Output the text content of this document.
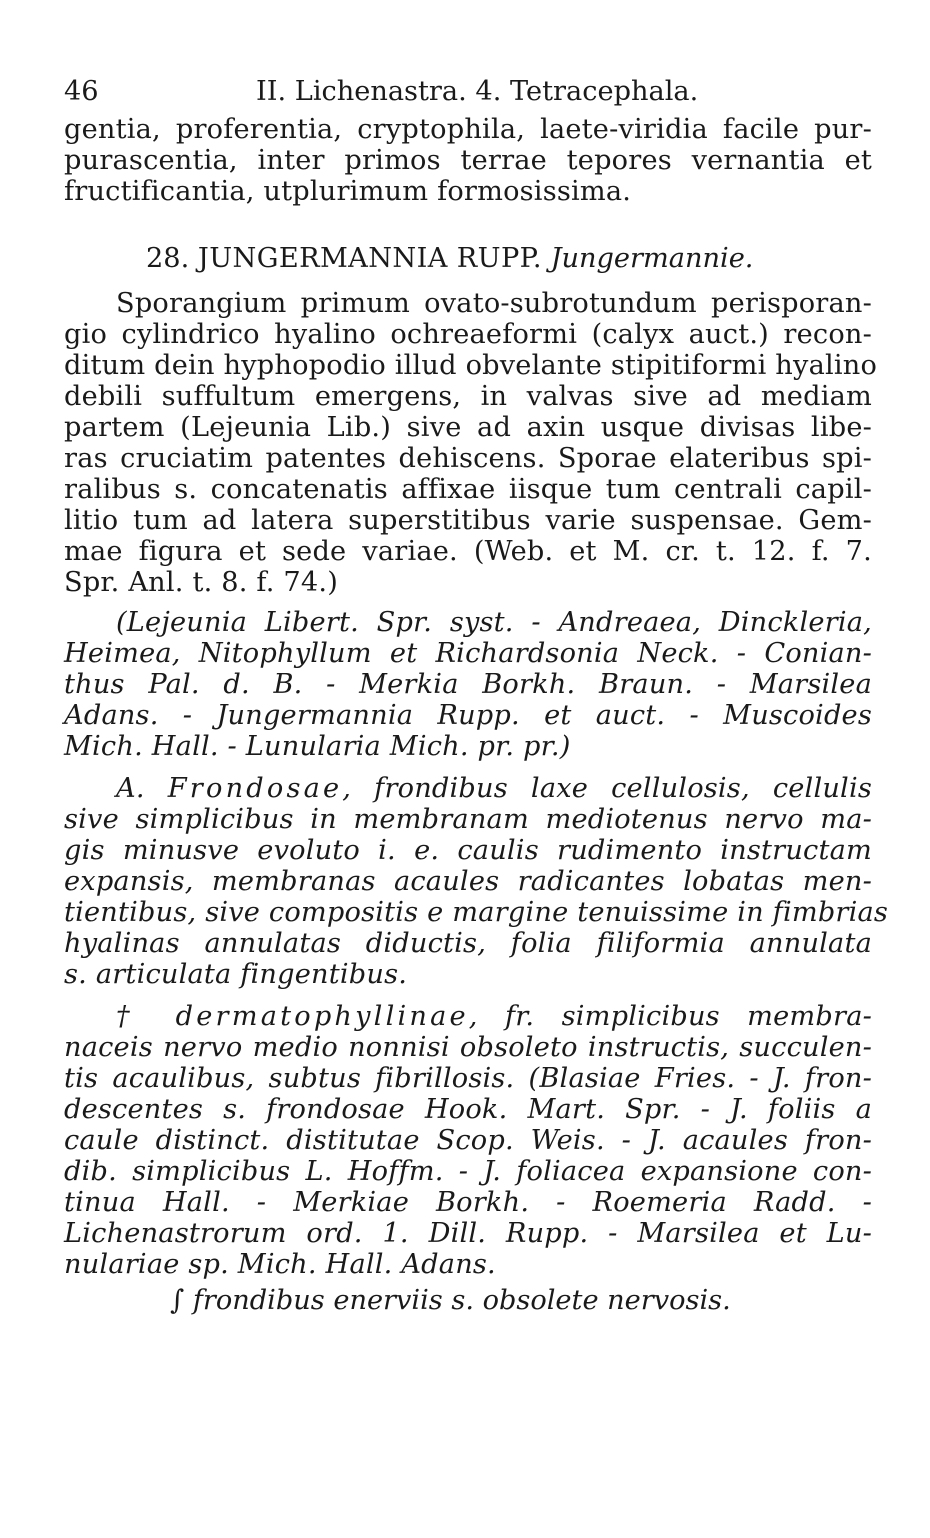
46	II. Lichenastra. 4. Tetracephala.
gentia, proferentia, cryptophila, laete-viridia facile pur-
purascentia, inter primos terrae tepores vernantia et
fructificantia, utplurimum formosissima.
28. JUNGERMANNIA RUPP. Jungermannie.
Sporangium primum ovato-subrotundum perisporan-
gio cylindrico hyalino ochreaeformi (calyx auct.) recon-
ditum dein hyphopodio illud obvelante stipitiformi hyalino
debili suffultum emergens, in valvas sive ad mediam
partem (Lejeunia Lib.) sive ad axin usque divisas libe-
ras cruciatim patentes dehiscens. Sporae elateribus spi-
ralibus s. concatenatis affixae iisque tum centrali capil-
litio tum ad latera superstitibus varie suspensae. Gem-
mae figura et sede variae. (Web. et M. cr. t. 12. f. 7.
Spr. Anl. t. 8. f. 74.)
(Lejeunia Libert. Spr. syst. - Andreaea, Dinckleria,
Heimea, Nitophyllum et Richardsonia Neck. - Conian-
thus Pal. d. B. - Merkia Borkh. Braun. - Marsilea
Adans. - Jungermannia Rupp. et auct. - Muscoides
Mich. Hall. - Lunularia Mich. pr. pr.)
A. Frondosae, frondibus laxe cellulosis, cellulis
sive simplicibus in membranam mediotenus nervo ma-
gis minusve evoluto i. e. caulis rudimento instructam
expansis, membranas acaules radicantes lobatas men-
tientibus, sive compositis e margine tenuissime in fimbrias
hyalinas annulatas diductis, folia filiformia annulata
s. articulata fingentibus.
† dermatophyllinae, fr. simplicibus membra-
naceis nervo medio nonnisi obsoleto instructis, succulen-
tis acaulibus, subtus fibrillosis. (Blasiae Fries. - J. fron-
descentes s. frondosae Hook. Mart. Spr. - J. foliis a
caule distinct. distitutae Scop. Weis. - J. acaules fron-
dib. simplicibus L. Hoffm. - J. foliacea expansione con-
tinua Hall. - Merkiae Borkh. - Roemeria Radd. -
Lichenastrorum ord. 1. Dill. Rupp. - Marsilea et Lu-
nulariae sp. Mich. Hall. Adans.
∫ frondibus enerviis s. obsolete nervosis.
